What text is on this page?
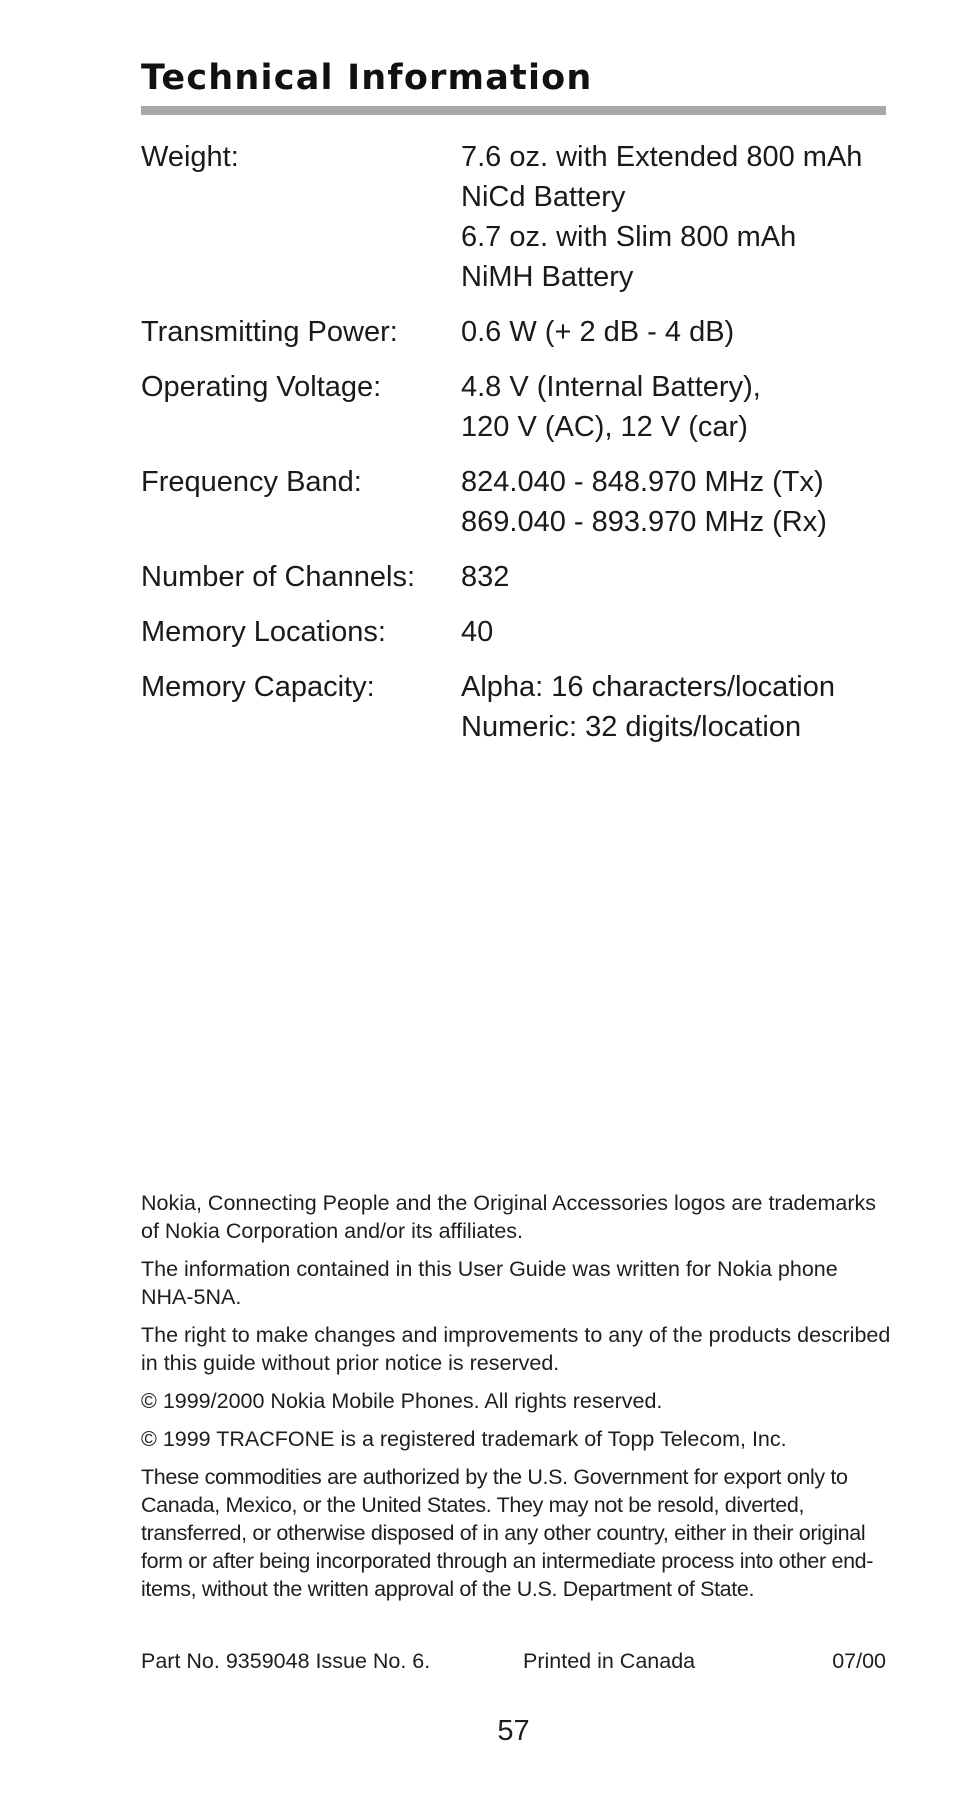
Technical Information
Weight:	7.6 oz. with Extended 800 mAh
NiCd Battery
6.7 oz. with Slim 800 mAh
NiMH Battery
Transmitting Power:	0.6 W (+ 2 dB - 4 dB)
Operating Voltage:	4.8 V (Internal Battery),
120 V (AC), 12 V (car)
Frequency Band:	824.040 - 848.970 MHz (Tx)
869.040 - 893.970 MHz (Rx)
Number of Channels:	832
Memory Locations:	40
Memory Capacity:	Alpha: 16 characters/location
Numeric: 32 digits/location

Nokia, Connecting People and the Original Accessories logos are trademarks of Nokia Corporation and/or its affiliates.

The information contained in this User Guide was written for Nokia phone NHA-5NA.

The right to make changes and improvements to any of the products described in this guide without prior notice is reserved.

© 1999/2000 Nokia Mobile Phones. All rights reserved.

© 1999 TRACFONE is a registered trademark of Topp Telecom, Inc.

These commodities are authorized by the U.S. Government for export only to Canada, Mexico, or the United States. They may not be resold, diverted, transferred, or otherwise disposed of in any other country, either in their original form or after being incorporated through an intermediate process into other end-items, without the written approval of the U.S. Department of State.

Part No. 9359048 Issue No. 6.	Printed in Canada	07/00
57
